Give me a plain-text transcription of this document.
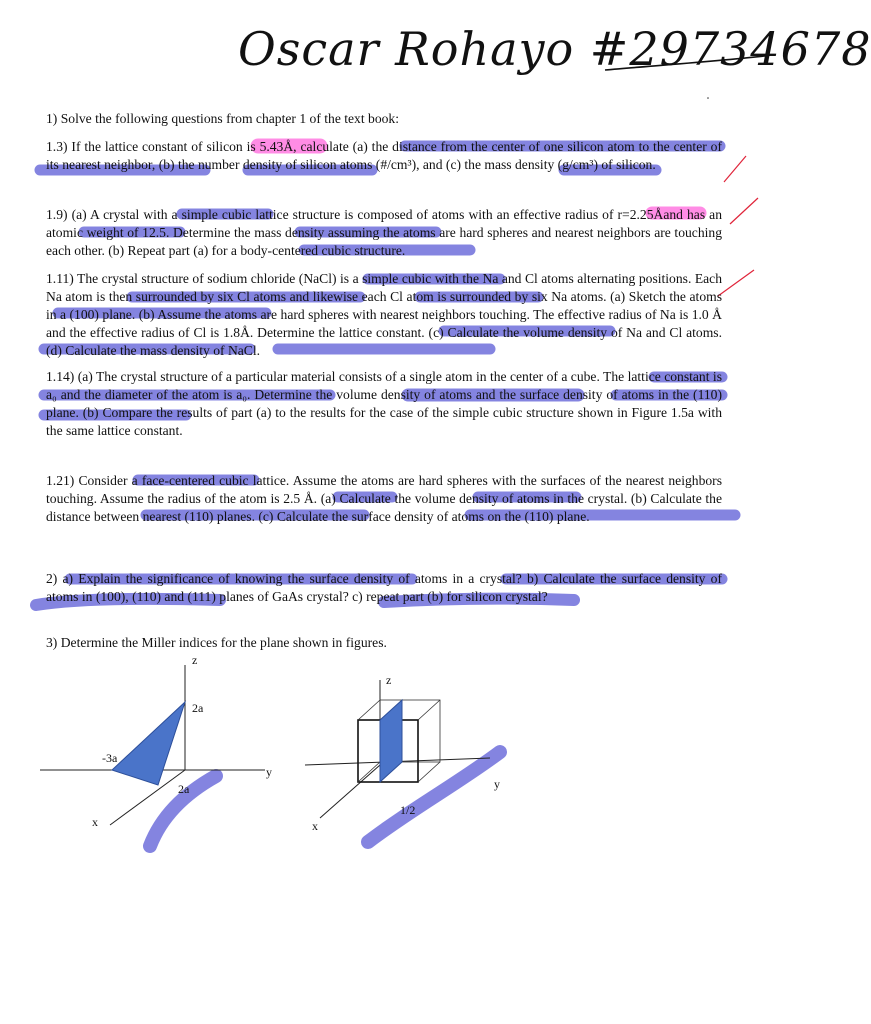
Oscar Rohayo #29734678
1) Solve the following questions from chapter 1 of the text book:
1.3) If the lattice constant of silicon is 5.43Å, calculate (a) the distance from the center of one silicon atom to the center of its nearest neighbor, (b) the number density of silicon atoms (#/cm³), and (c) the mass density (g/cm³) of silicon.
1.9) (a) A crystal with a simple cubic lattice structure is composed of atoms with an effective radius of r=2.25Åand has an atomic weight of 12.5. Determine the mass density assuming the atoms are hard spheres and nearest neighbors are touching each other. (b) Repeat part (a) for a body-centered cubic structure.
1.11) The crystal structure of sodium chloride (NaCl) is a simple cubic with the Na and Cl atoms alternating positions. Each Na atom is then surrounded by six Cl atoms and likewise each Cl atom is surrounded by six Na atoms. (a) Sketch the atoms in a (100) plane. (b) Assume the atoms are hard spheres with nearest neighbors touching. The effective radius of Na is 1.0 Å and the effective radius of Cl is 1.8Å. Determine the lattice constant. (c) Calculate the volume density of Na and Cl atoms. (d) Calculate the mass density of NaCl.
1.14) (a) The crystal structure of a particular material consists of a single atom in the center of a cube. The lattice constant is a₀ and the diameter of the atom is a₀. Determine the volume density of atoms and the surface density of atoms in the (110) plane. (b) Compare the results of part (a) to the results for the case of the simple cubic structure shown in Figure 1.5a with the same lattice constant.
1.21) Consider a face-centered cubic lattice. Assume the atoms are hard spheres with the surfaces of the nearest neighbors touching. Assume the radius of the atom is 2.5 Å. (a) Calculate the volume density of atoms in the crystal. (b) Calculate the distance between nearest (110) planes. (c) Calculate the surface density of atoms on the (110) plane.
2) a) Explain the significance of knowing the surface density of atoms in a crystal? b) Calculate the surface density of atoms in (100), (110) and (111) planes of GaAs crystal? c) repeat part (b) for silicon crystal?
3) Determine the Miller indices for the plane shown in figures.
z
2a
-3a
y
2a
x
z
y
1/2
x
